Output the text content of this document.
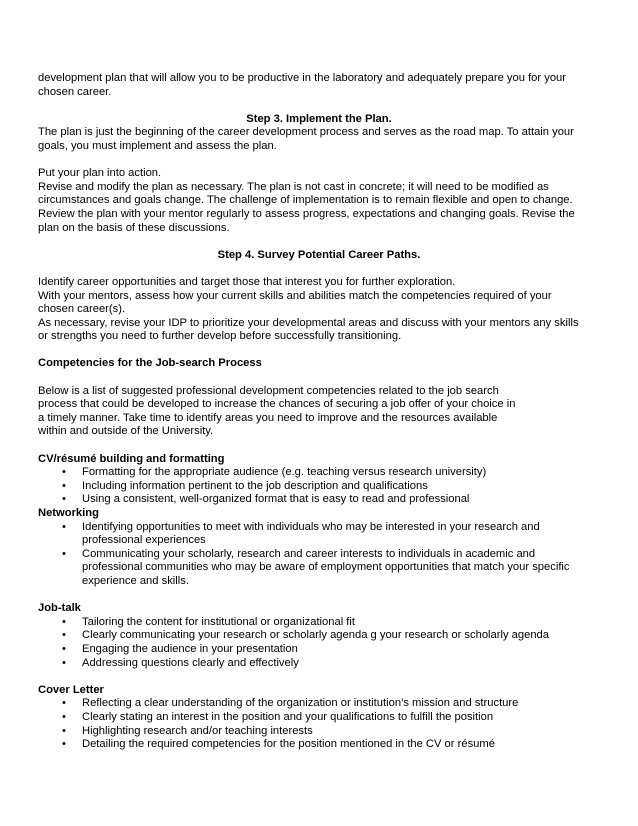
development plan that will allow you to be productive in the laboratory and adequately prepare you for your
chosen career.
Step 3. Implement the Plan.
The plan is just the beginning of the career development process and serves as the road map. To attain your
goals, you must implement and assess the plan.
Put your plan into action.
Revise and modify the plan as necessary. The plan is not cast in concrete; it will need to be modified as
circumstances and goals change. The challenge of implementation is to remain flexible and open to change.
Review the plan with your mentor regularly to assess progress, expectations and changing goals. Revise the
plan on the basis of these discussions.
Step 4. Survey Potential Career Paths.
Identify career opportunities and target those that interest you for further exploration.
With your mentors, assess how your current skills and abilities match the competencies required of your
chosen career(s).
As necessary, revise your IDP to prioritize your developmental areas and discuss with your mentors any skills
or strengths you need to further develop before successfully transitioning.
Competencies for the Job-search Process
Below is a list of suggested professional development competencies related to the job search
process that could be developed to increase the chances of securing a job offer of your choice in
a timely manner. Take time to identify areas you need to improve and the resources available
within and outside of the University.
CV/résumé building and formatting
•	Formatting for the appropriate audience (e.g. teaching versus research university)
•	Including information pertinent to the job description and qualifications
•	Using a consistent, well-organized format that is easy to read and professional
Networking
•	Identifying opportunities to meet with individuals who may be interested in your research and
professional experiences
•	Communicating your scholarly, research and career interests to individuals in academic and
professional communities who may be aware of employment opportunities that match your specific
experience and skills.
Job-talk
•	Tailoring the content for institutional or organizational fit
•	Clearly communicating your research or scholarly agenda g your research or scholarly agenda
•	Engaging the audience in your presentation
•	Addressing questions clearly and effectively
Cover Letter
•	Reflecting a clear understanding of the organization or institution’s mission and structure
•	Clearly stating an interest in the position and your qualifications to fulfill the position
•	Highlighting research and/or teaching interests
•	Detailing the required competencies for the position mentioned in the CV or résumé
